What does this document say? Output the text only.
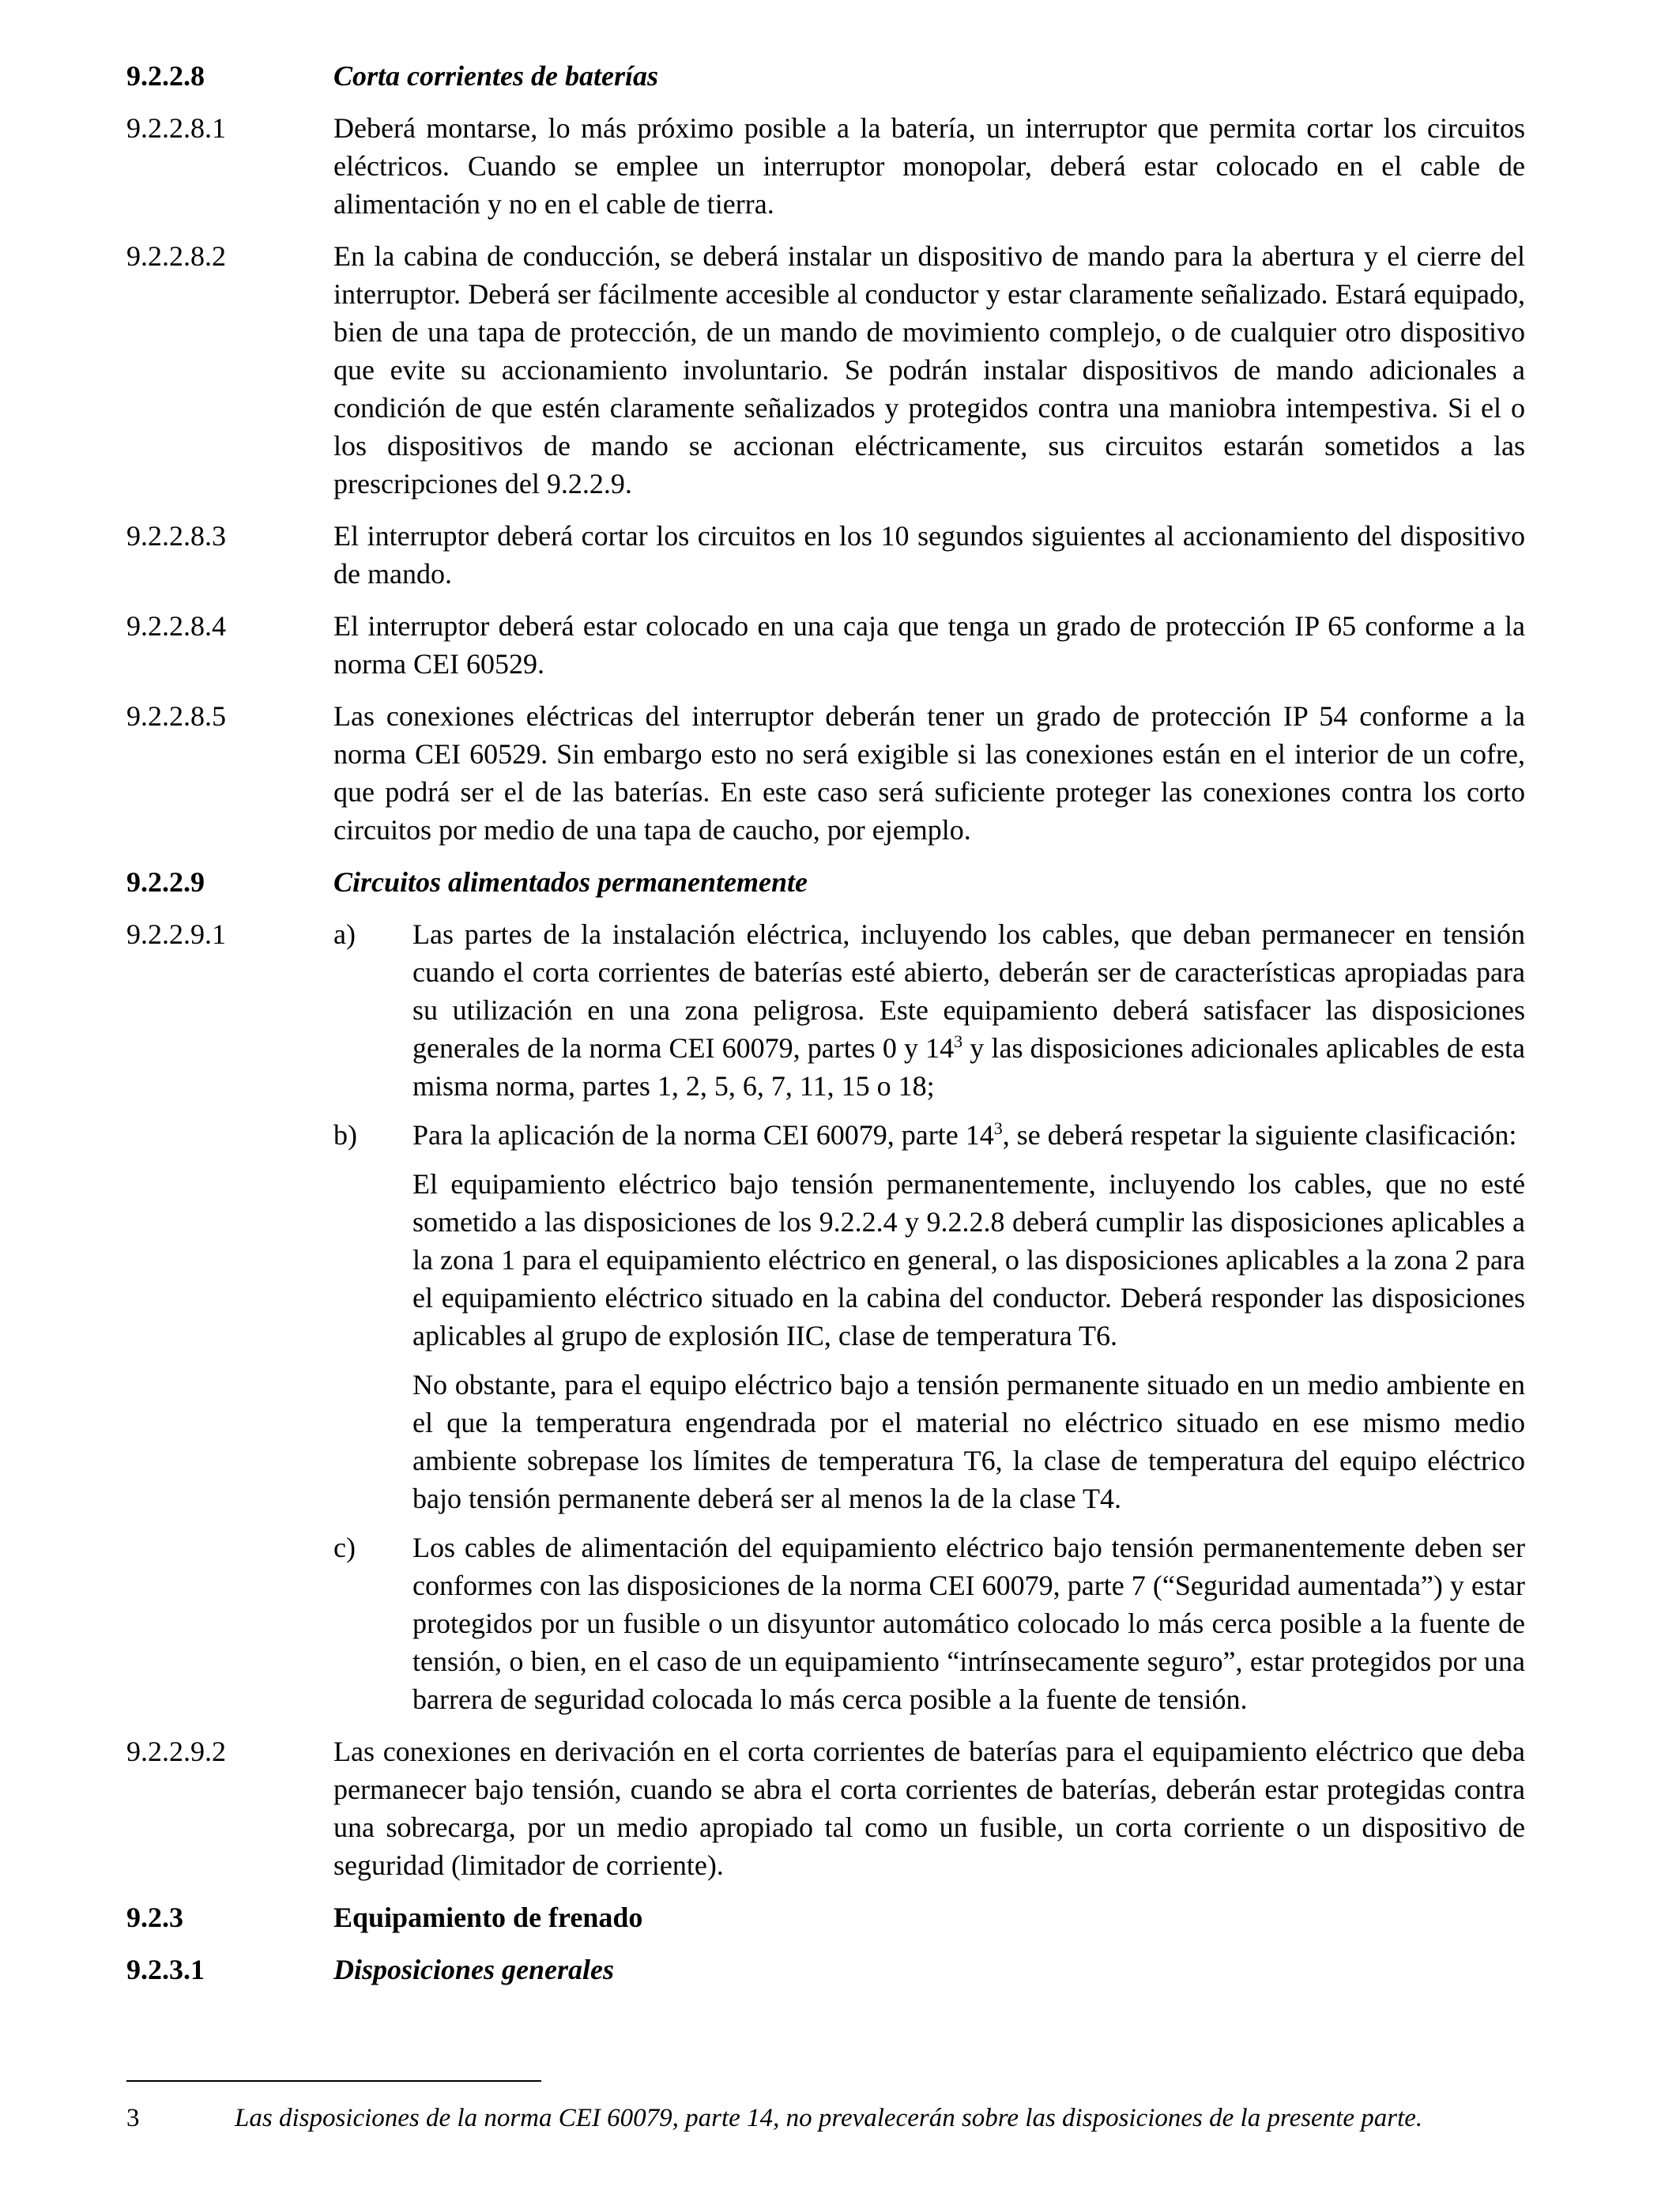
9.2.2.8	Corta corrientes de baterías
9.2.2.8.1	Deberá montarse, lo más próximo posible a la batería, un interruptor que permita cortar los circuitos eléctricos. Cuando se emplee un interruptor monopolar, deberá estar colocado en el cable de alimentación y no en el cable de tierra.
9.2.2.8.2	En la cabina de conducción, se deberá instalar un dispositivo de mando para la abertura y el cierre del interruptor. Deberá ser fácilmente accesible al conductor y estar claramente señalizado. Estará equipado, bien de una tapa de protección, de un mando de movimiento complejo, o de cualquier otro dispositivo que evite su accionamiento involuntario. Se podrán instalar dispositivos de mando adicionales a condición de que estén claramente señalizados y protegidos contra una maniobra intempestiva. Si el o los dispositivos de mando se accionan eléctricamente, sus circuitos estarán sometidos a las prescripciones del 9.2.2.9.
9.2.2.8.3	El interruptor deberá cortar los circuitos en los 10 segundos siguientes al accionamiento del dispositivo de mando.
9.2.2.8.4	El interruptor deberá estar colocado en una caja que tenga un grado de protección IP 65 conforme a la norma CEI 60529.
9.2.2.8.5	Las conexiones eléctricas del interruptor deberán tener un grado de protección IP 54 conforme a la norma CEI 60529. Sin embargo esto no será exigible si las conexiones están en el interior de un cofre, que podrá ser el de las baterías. En este caso será suficiente proteger las conexiones contra los corto circuitos por medio de una tapa de caucho, por ejemplo.
9.2.2.9	Circuitos alimentados permanentemente
9.2.2.9.1	a)	Las partes de la instalación eléctrica, incluyendo los cables, que deban permanecer en tensión cuando el corta corrientes de baterías esté abierto, deberán ser de características apropiadas para su utilización en una zona peligrosa. Este equipamiento deberá satisfacer las disposiciones generales de la norma CEI 60079, partes 0 y $14^3$ y las disposiciones adicionales aplicables de esta misma norma, partes 1, 2, 5, 6, 7, 11, 15 o 18;
b)	Para la aplicación de la norma CEI 60079, parte $14^3$, se deberá respetar la siguiente clasificación:

El equipamiento eléctrico bajo tensión permanentemente, incluyendo los cables, que no esté sometido a las disposiciones de los 9.2.2.4 y 9.2.2.8 deberá cumplir las disposiciones aplicables a la zona 1 para el equipamiento eléctrico en general, o las disposiciones aplicables a la zona 2 para el equipamiento eléctrico situado en la cabina del conductor. Deberá responder las disposiciones aplicables al grupo de explosión IIC, clase de temperatura T6.

No obstante, para el equipo eléctrico bajo a tensión permanente situado en un medio ambiente en el que la temperatura engendrada por el material no eléctrico situado en ese mismo medio ambiente sobrepase los límites de temperatura T6, la clase de temperatura del equipo eléctrico bajo tensión permanente deberá ser al menos la de la clase T4.

c)	Los cables de alimentación del equipamiento eléctrico bajo tensión permanentemente deben ser conformes con las disposiciones de la norma CEI 60079, parte 7 (“Seguridad aumentada”) y estar protegidos por un fusible o un disyuntor automático colocado lo más cerca posible a la fuente de tensión, o bien, en el caso de un equipamiento “intrínsecamente seguro”, estar protegidos por una barrera de seguridad colocada lo más cerca posible a la fuente de tensión.
9.2.2.9.2	Las conexiones en derivación en el corta corrientes de baterías para el equipamiento eléctrico que deba permanecer bajo tensión, cuando se abra el corta corrientes de baterías, deberán estar protegidas contra una sobrecarga, por un medio apropiado tal como un fusible, un corta corriente o un dispositivo de seguridad (limitador de corriente).
9.2.3	Equipamiento de frenado
9.2.3.1	Disposiciones generales
3	Las disposiciones de la norma CEI 60079, parte 14, no prevalecerán sobre las disposiciones de la presente parte.
